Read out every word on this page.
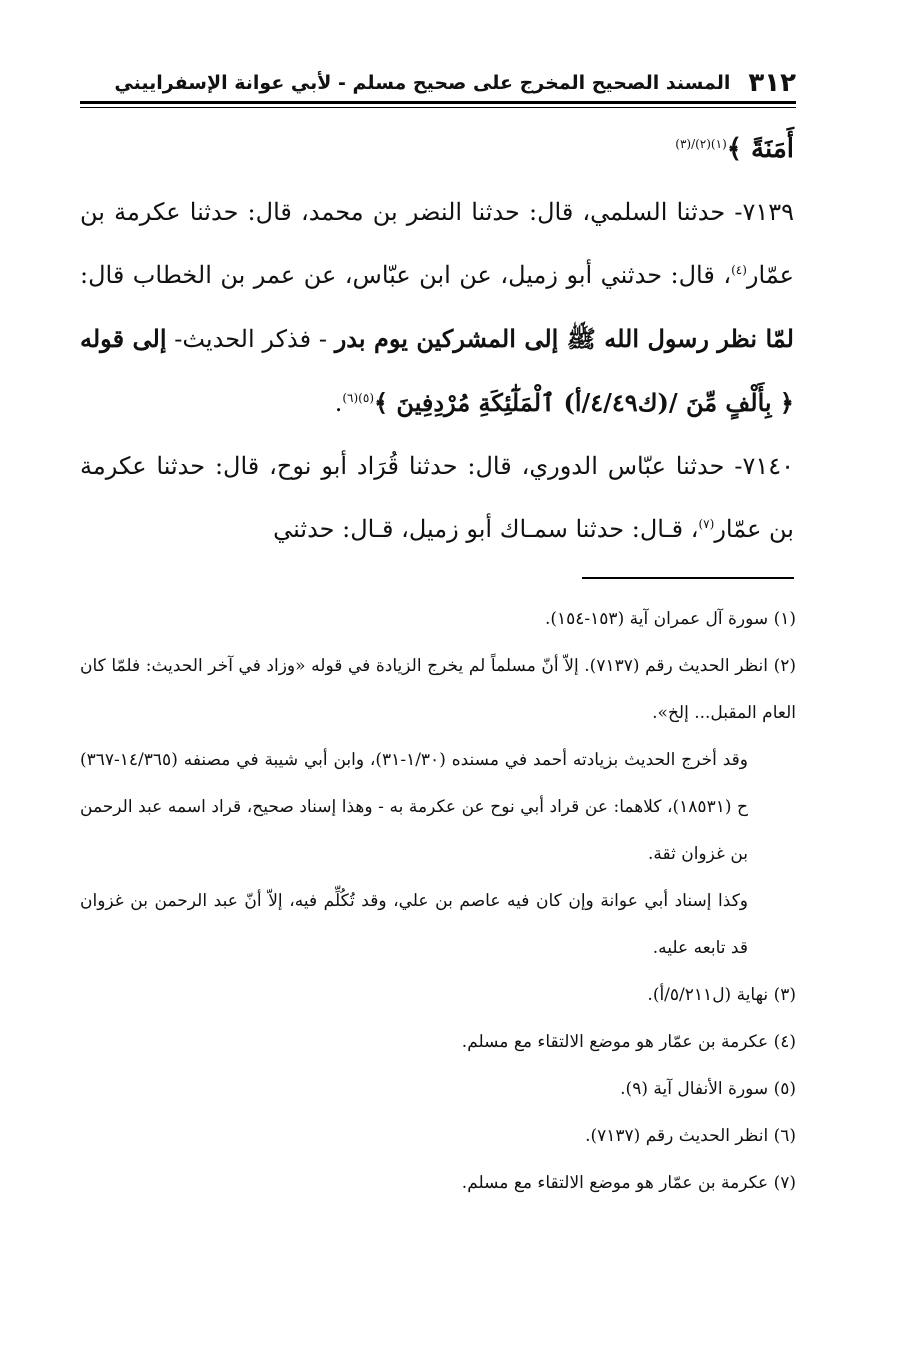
٣١٢
المسند الصحيح المخرج على صحيح مسلم - لأبي عوانة الإسفراييني

أَمَنَةً ﴾$^{(١)(٢)/(٣)}$

٧١٣٩- حدثنا السلمي، قال: حدثنا النضر بن محمد، قال: حدثنا عكرمة بن عمّار$^{(٤)}$، قال: حدثني أبو زميل، عن ابن عبّاس، عن عمر بن الخطاب قال: لمّا نظر رسول الله ﷺ إلى المشركين يوم بدر - فذكر الحديث- إلى قوله ﴿ بِأَلْفٍ مِّنَ /(ك٤/٤٩/أ) ٱلْمَلَٰٓئِكَةِ مُرْدِفِينَ ﴾$^{(٥)(٦)}$.

٧١٤٠- حدثنا عبّاس الدوري، قال: حدثنا قُرَاد أبو نوح، قال: حدثنا عكرمة بن عمّار$^{(٧)}$، قـال: حدثنا سمـاك أبو زميل، قـال: حدثني

(١) سورة آل عمران آية (١٥٣-١٥٤).

(٢) انظر الحديث رقم (٧١٣٧). إلاّ أنّ مسلماً لم يخرج الزيادة في قوله «وزاد في آخر الحديث: فلمّا كان العام المقبل... إلخ».

وقد أخرج الحديث بزيادته أحمد في مسنده (١/٣٠-٣١)، وابن أبي شيبة في مصنفه (١٤/٣٦٥-٣٦٧) ح (١٨٥٣١)، كلاهما: عن قراد أبي نوح عن عكرمة به - وهذا إسناد صحيح، قراد اسمه عبد الرحمن بن غزوان ثقة.

وكذا إسناد أبي عوانة وإن كان فيه عاصم بن علي، وقد تُكُلِّم فيه، إلاّ أنّ عبد الرحمن بن غزوان قد تابعه عليه.

(٣) نهاية (ل٥/٢١١/أ).

(٤) عكرمة بن عمّار هو موضع الالتقاء مع مسلم.

(٥) سورة الأنفال آية (٩).

(٦) انظر الحديث رقم (٧١٣٧).

(٧) عكرمة بن عمّار هو موضع الالتقاء مع مسلم.
